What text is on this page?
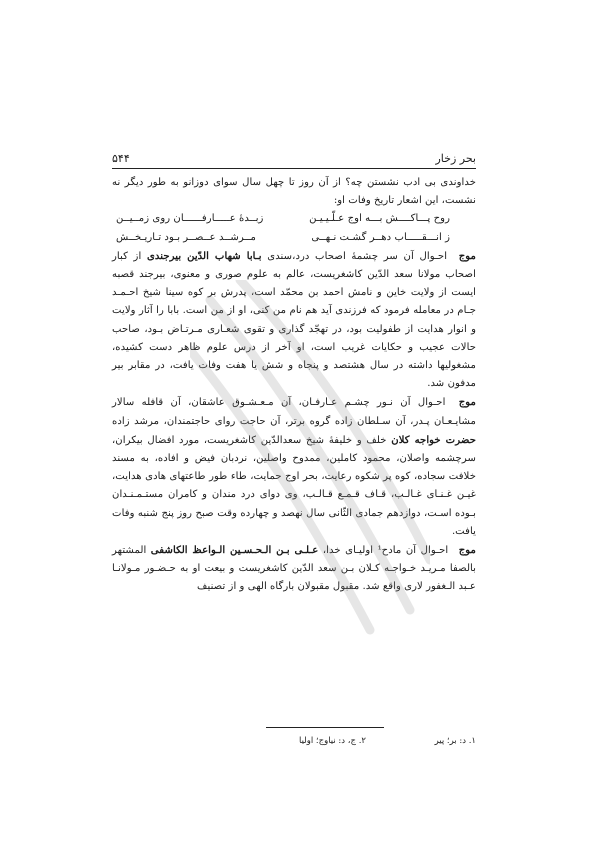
بحر زخار
۵۴۴

خداوندی بی ادب نشستن چه؟ از آن روز تا چهل سال سوای دوزانو به طور دیگر نه نشست، این اشعار تاریخ وفات او:

روح پـــاکــــش بـــه اوج عـلّـیـیـن
زبــدهٔ عـــــارفــــــان روی زمــیــن
ز انـــقـــــاب دهــر گشـت نـهــی
مــرشــد عــصــر بـود تـاریـخــش

موج احـوال آن سر چشمهٔ اصحاب درد،سندی بـابا شهاب الدّین بیرجندی از کبار اصحاب مولانا سعد الدّین کاشغریست، عالم به علوم صوری و معنوی، بیرجند قصبه ایست از ولایت خاین و نامش احمد بن محمّد است، پدرش بر کوه سینا شیخ احـمـد جـام در معامله فرمود که فرزندی آید هم نام من کنی، او از من است. بابا را آثار ولایت و انوار هدایت از طفولیت بود، در تهجّد گذاری و تقوی شعـاری مـرتـاض بـود، صاحب حالات عجیب و حکایات غریب است، او آخر از درس علوم ظاهر دست کشیده، مشغولیها داشته در سال هشتصد و پنجاه و شش یا هفت وفات یافت، در مقابر بیر مدفون شد.

موج احـوال آن نـور چشـم عـارفـان، آن مـعـشـوق عاشقان، آن قافله سالار مشایـعـان پـدر، آن سـلطان زاده گروه برتر، آن حاجت روای حاجتمندان، مرشد زاده حضرت خواجه کلان خلف و خلیفهٔ شیخ سعدالدّین کاشغریست، مورد افضال بیکران، سرچشمه واصلان، محمود کاملین، ممدوح واصلین، نردبان فیض و افاده، به مسند خلافت سجاده، کوه پر شکوه رعایت، بحر اوج حمایت، طاء طور طاعتهای هادی هدایت، غیـن غـنـای غـالـب، قـاف قـمـع قـالـب، وی دوای درد مندان و کامران مستـمـنـدان بـوده اسـت، دوازدهم جمادی الثّانی سال نهصد و چهارده وقت صبح روز پنج شنبه وفات یافت.

موج احـوال آن مادح¹ اولیـای خدا، عـلـی بـن الـحـسـین الـواعظ الکاشفی المشتهر بالصفا مـریـد خـواجـه کـلان بـن سعد الدّین کاشغریست و بیعت او به حـضـور مـولانـا عـبد الـغفور لاری واقع شد. مقبول مقبولان بارگاه الهی و از تصنیف

۱. د: بر؛ پیر
۲. ج، د: نیاوج؛ اولیا
